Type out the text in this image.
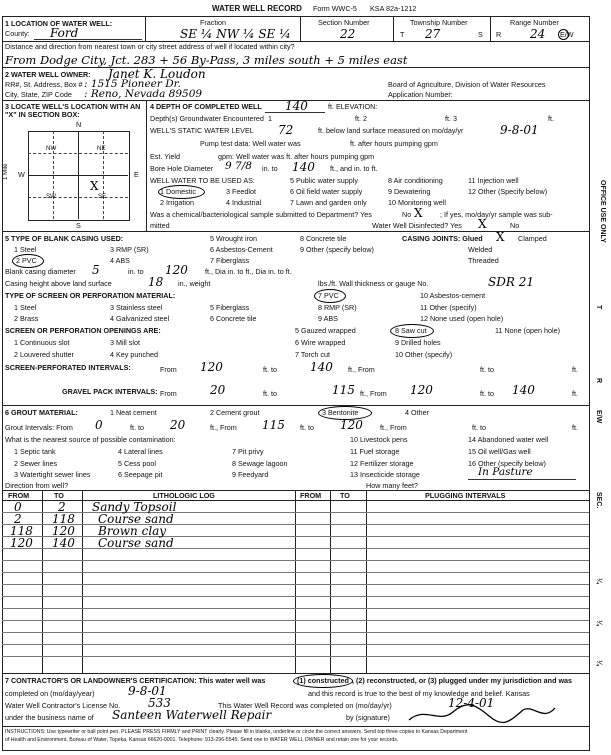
WATER WELL RECORD Form WWC-5 KSA 82a-1212
1 LOCATION OF WATER WELL:
County: Ford
Fraction
SE ¼ NW ¼ SE ¼
Section Number
22
Township Number
T 27	S
Range Number
R 24 E/W
Distance and direction from nearest town or city street address of well if located within city?
From Dodge City, Jct. 283 + 56 By-Pass, 3 miles south + 5 miles east
2 WATER WELL OWNER: Janet K. Loudon
RR#, St. Address, Box # : 1515 Pioneer Dr.
City, State, ZIP Code : Reno, Nevada 89509
Board of Agriculture, Division of Water Resources
Application Number:
3 LOCATE WELL'S LOCATION WITH AN "X" IN SECTION BOX:
N
S
W	E
1 Mile
NW	NE
SW	SE
X
4 DEPTH OF COMPLETED WELL 140	ft. ELEVATION:
Depth(s) Groundwater Encountered 1	ft. 2	ft. 3	ft.
WELL'S STATIC WATER LEVEL 72	ft. below land surface measured on mo/day/yr	9-8-01
Pump test data: Well water was	ft. after hours pumping gpm
Est. Yield	gpm: Well water was ft. after hours pumping gpm
Bore Hole Diameter 9 7/8 in. to 140 ft., and in. to ft.
WELL WATER TO BE USED AS:	5 Public water supply	8 Air conditioning	11 Injection well
1 Domestic	3 Feedlot	6 Oil field water supply	9 Dewatering	12 Other (Specify below)
2 Irrigation	4 Industrial	7 Lawn and garden only	10 Monitoring well
Was a chemical/bacteriological sample submitted to Department? Yes	No X ; If yes, mo/day/yr sample was sub-
mitted	Water Well Disinfected? Yes X	No
5 TYPE OF BLANK CASING USED:	5 Wrought iron	8 Concrete tile	CASING JOINTS: Glued X Clamped
1 Steel	3 RMP (SR)	6 Asbestos-Cement	9 Other (specify below)	Welded
2 PVC	4 ABS	7 Fiberglass	Threaded
Blank casing diameter 5	in. to 120 ft., Dia in. to ft., Dia in. to ft.
Casing height above land surface	18 in., weight	lbs./ft. Wall thickness or gauge No.	SDR 21
TYPE OF SCREEN OR PERFORATION MATERIAL:	7 PVC	10 Asbestos-cement
1 Steel	3 Stainless steel	5 Fiberglass	8 RMP (SR)	11 Other (specify)
2 Brass	4 Galvanized steel	6 Concrete tile	9 ABS	12 None used (open hole)
SCREEN OR PERFORATION OPENINGS ARE:	5 Gauzed wrapped	8 Saw cut	11 None (open hole)
1 Continuous slot	3 Mill slot	6 Wire wrapped	9 Drilled holes
2 Louvered shutter	4 Key punched	7 Torch cut	10 Other (specify)
SCREEN-PERFORATED INTERVALS:	From 120	ft. to	140 ft., From	ft. to	ft.
GRAVEL PACK INTERVALS: From	20	ft. to	115 ft., From 120	ft. to 140	ft.
6 GROUT MATERIAL:	1 Neat cement	2 Cement grout	3 Bentonite	4 Other
Grout Intervals: From 0	ft. to 20	ft., From 115 ft. to 120 ft., From	ft. to	ft.
What is the nearest source of possible contamination:	10 Livestock pens	14 Abandoned water well
1 Septic tank	4 Lateral lines	7 Pit privy	11 Fuel storage	15 Oil well/Gas well
2 Sewer lines	5 Cess pool	8 Sewage lagoon	12 Fertilizer storage	16 Other (specify below)
3 Watertight sewer lines	6 Seepage pit	9 Feedyard	13 Insecticide storage	In Pasture
Direction from well?	How many feet?
FROM	TO	LITHOLOGIC LOG	FROM	TO	PLUGGING INTERVALS
0	2 Sandy Topsoil
2	118 Course sand
118 120 Brown clay
120 140 Course sand
7 CONTRACTOR'S OR LANDOWNER'S CERTIFICATION: This water well was	(1) constructed , (2) reconstructed, or (3) plugged under my jurisdiction and was
completed on (mo/day/year)	9-8-01	and this record is true to the best of my knowledge and belief. Kansas
Water Well Contractor's License No. 533	This Water Well Record was completed on (mo/day/yr)	12-4-01
under the business name of Santeen Waterwell Repair	by (signature)
INSTRUCTIONS: Use typewriter or ball point pen. PLEASE PRESS FIRMLY and PRINT clearly. Please fill in blanks, underline or circle the correct answers. Send top three copies to Kansas Department
of Health and Environment, Bureau of Water, Topeka, Kansas 66620-0001. Telephone: 913-296-5545. Send one to WATER WELL OWNER and retain one for your records.
OFFICE USE ONLY
T
R
E/W
SEC.
¼
¼
¼
